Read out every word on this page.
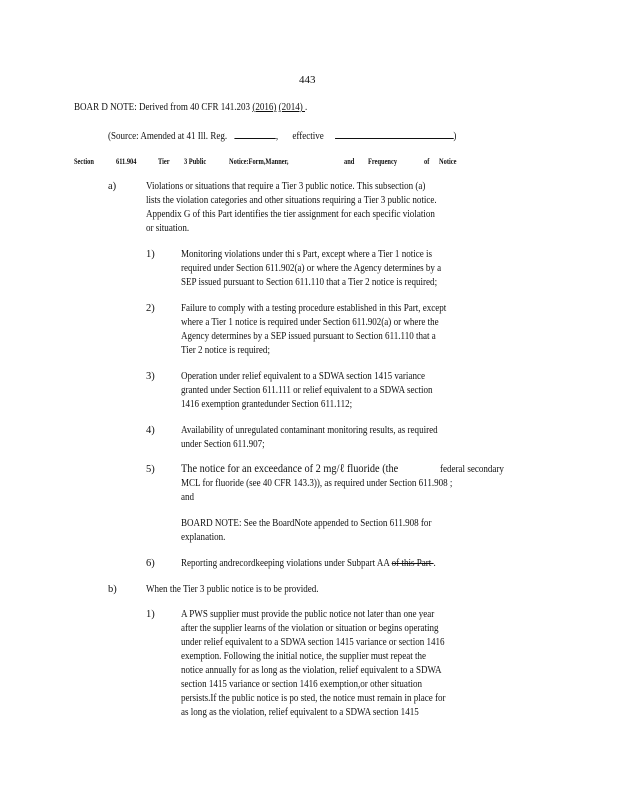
443
BOAR D NOTE: Derived from 40 CFR 141.203 (2016) (2014) .
(Source: Amended at 41 Ill. Reg.	, effective	)
Section	611.904	Tier 3 Public	Notice:Form,Manner,	and Frequency	of Notice
a)	Violations or situations that require a Tier 3 public notice. This subsection (a)
lists the violation categories and other situations requiring a Tier 3 public notice.
Appendix G of this Part identifies the tier assignment for each specific violation
or situation.
1)	Monitoring violations under thi s Part, except where a Tier 1 notice is
required under Section 611.902(a) or where the Agency determines by a
SEP issued pursuant to Section 611.110 that a Tier 2 notice is required;
2)	Failure to comply with a testing procedure established in this Part, except
where a Tier 1 notice is required under Section 611.902(a) or where the
Agency determines by a SEP issued pursuant to Section 611.110 that a
Tier 2 notice is required;
3)	Operation under relief equivalent to a SDWA section 1415 variance
granted under Section 611.111 or relief equivalent to a SDWA section
1416 exemption grantedunder Section 611.112;
4)	Availability of unregulated contaminant monitoring results, as required
under Section 611.907;
5) The notice for an exceedance of 2 mg/ℓ fluoride (the	federal secondary
MCL for fluoride (see 40 CFR 143.3)), as required under Section 611.908 ;
and
BOARD NOTE: See the BoardNote appended to Section 611.908 for
explanation.
6)	Reporting andrecordkeeping violations under Subpart AA of this Part .
b)	When the Tier 3 public notice is to be provided.
1)	A PWS supplier must provide the public notice not later than one year
after the supplier learns of the violation or situation or begins operating
under relief equivalent to a SDWA section 1415 variance or section 1416
exemption. Following the initial notice, the supplier must repeat the
notice annually for as long as the violation, relief equivalent to a SDWA
section 1415 variance or section 1416 exemption,or other situation
persists.If the public notice is po sted, the notice must remain in place for
as long as the violation, relief equivalent to a SDWA section 1415
